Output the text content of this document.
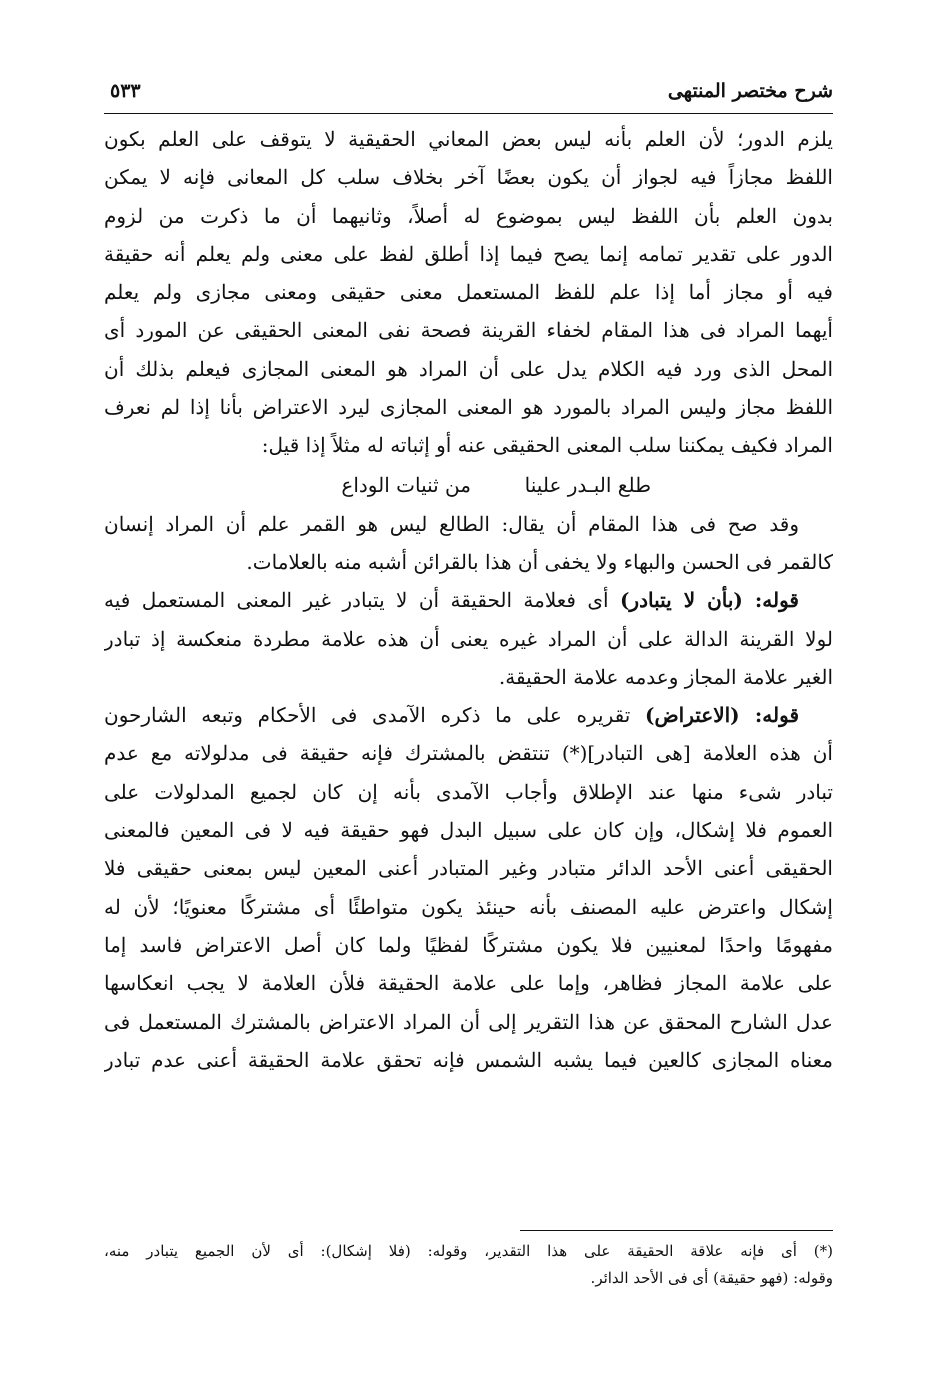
شرح مختصر المنتهى
٥٣٣
يلزم الدور؛ لأن العلم بأنه ليس بعض المعاني الحقيقية لا يتوقف على العلم بكون
اللفظ مجازاً فيه لجواز أن يكون بعضًا آخر بخلاف سلب كل المعانى فإنه لا يمكن
بدون العلم بأن اللفظ ليس بموضوع له أصلاً، وثانيهما أن ما ذكرت من لزوم
الدور على تقدير تمامه إنما يصح فيما إذا أطلق لفظ على معنى ولم يعلم أنه حقيقة
فيه أو مجاز أما إذا علم للفظ المستعمل معنى حقيقى ومعنى مجازى ولم يعلم
أيهما المراد فى هذا المقام لخفاء القرينة فصحة نفى المعنى الحقيقى عن المورد أى
المحل الذى ورد فيه الكلام يدل على أن المراد هو المعنى المجازى فيعلم بذلك أن
اللفظ مجاز وليس المراد بالمورد هو المعنى المجازى ليرد الاعتراض بأنا إذا لم نعرف
المراد فكيف يمكننا سلب المعنى الحقيقى عنه أو إثباته له مثلاً إذا قيل:
طلع البـدر علينا
من ثنيات الوداع
وقد صح فى هذا المقام أن يقال: الطالع ليس هو القمر علم أن المراد إنسان
كالقمر فى الحسن والبهاء ولا يخفى أن هذا بالقرائن أشبه منه بالعلامات.
قوله: (بأن لا يتبادر) أى فعلامة الحقيقة أن لا يتبادر غير المعنى المستعمل فيه
لولا القرينة الدالة على أن المراد غيره يعنى أن هذه علامة مطردة منعكسة إذ تبادر
الغير علامة المجاز وعدمه علامة الحقيقة.
قوله: (الاعتراض) تقريره على ما ذكره الآمدى فى الأحكام وتبعه الشارحون
أن هذه العلامة [هى التبادر](*) تنتقض بالمشترك فإنه حقيقة فى مدلولاته مع عدم
تبادر شىء منها عند الإطلاق وأجاب الآمدى بأنه إن كان لجميع المدلولات على
العموم فلا إشكال، وإن كان على سبيل البدل فهو حقيقة فيه لا فى المعين فالمعنى
الحقيقى أعنى الأحد الدائر متبادر وغير المتبادر أعنى المعين ليس بمعنى حقيقى فلا
إشكال واعترض عليه المصنف بأنه حينئذ يكون متواطئًا أى مشتركًا معنويًا؛ لأن له
مفهومًا واحدًا لمعنيين فلا يكون مشتركًا لفظيًا ولما كان أصل الاعتراض فاسد إما
على علامة المجاز فظاهر، وإما على علامة الحقيقة فلأن العلامة لا يجب انعكاسها
عدل الشارح المحقق عن هذا التقرير إلى أن المراد الاعتراض بالمشترك المستعمل فى
معناه المجازى كالعين فيما يشبه الشمس فإنه تحقق علامة الحقيقة أعنى عدم تبادر
(*) أى فإنه علاقة الحقيقة على هذا التقدير، وقوله: (فلا إشكال): أى لأن الجميع يتبادر منه،
وقوله: (فهو حقيقة) أى فى الأحد الدائر.
